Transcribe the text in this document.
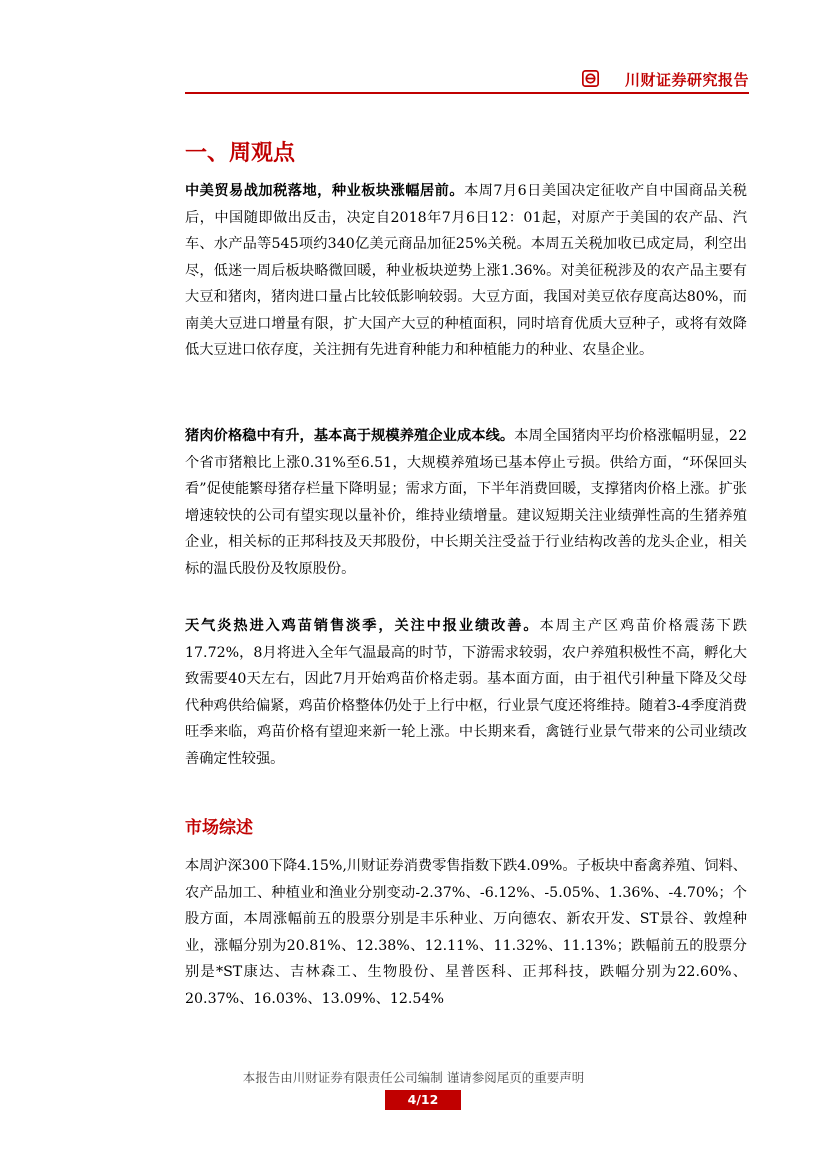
川财证券研究报告
一、周观点

中美贸易战加税落地，种业板块涨幅居前。本周7月6日美国决定征收产自中国商品关税后，中国随即做出反击，决定自2018年7月6日12：01起，对原产于美国的农产品、汽车、水产品等545项约340亿美元商品加征25%关税。本周五关税加收已成定局，利空出尽，低迷一周后板块略微回暖，种业板块逆势上涨1.36%。对美征税涉及的农产品主要有大豆和猪肉，猪肉进口量占比较低影响较弱。大豆方面，我国对美豆依存度高达80%，而南美大豆进口增量有限，扩大国产大豆的种植面积，同时培育优质大豆种子，或将有效降低大豆进口依存度，关注拥有先进育种能力和种植能力的种业、农垦企业。

猪肉价格稳中有升，基本高于规模养殖企业成本线。本周全国猪肉平均价格涨幅明显，22个省市猪粮比上涨0.31%至6.51，大规模养殖场已基本停止亏损。供给方面，“环保回头看”促使能繁母猪存栏量下降明显；需求方面，下半年消费回暖，支撑猪肉价格上涨。扩张增速较快的公司有望实现以量补价，维持业绩增量。建议短期关注业绩弹性高的生猪养殖企业，相关标的正邦科技及天邦股份，中长期关注受益于行业结构改善的龙头企业，相关标的温氏股份及牧原股份。

天气炎热进入鸡苗销售淡季，关注中报业绩改善。本周主产区鸡苗价格震荡下跌17.72%，8月将进入全年气温最高的时节，下游需求较弱，农户养殖积极性不高，孵化大致需要40天左右，因此7月开始鸡苗价格走弱。基本面方面，由于祖代引种量下降及父母代种鸡供给偏紧，鸡苗价格整体仍处于上行中枢，行业景气度还将维持。随着3-4季度消费旺季来临，鸡苗价格有望迎来新一轮上涨。中长期来看，禽链行业景气带来的公司业绩改善确定性较强。

市场综述

本周沪深300下降4.15%,川财证券消费零售指数下跌4.09%。子板块中畜禽养殖、饲料、农产品加工、种植业和渔业分别变动-2.37%、-6.12%、-5.05%、1.36%、-4.70%；个股方面，本周涨幅前五的股票分别是丰乐种业、万向德农、新农开发、ST景谷、敦煌种业，涨幅分别为20.81%、12.38%、12.11%、11.32%、11.13%；跌幅前五的股票分别是*ST康达、吉林森工、生物股份、星普医科、正邦科技，跌幅分别为22.60%、20.37%、16.03%、13.09%、12.54%

本报告由川财证券有限责任公司编制 谨请参阅尾页的重要声明
4/12
